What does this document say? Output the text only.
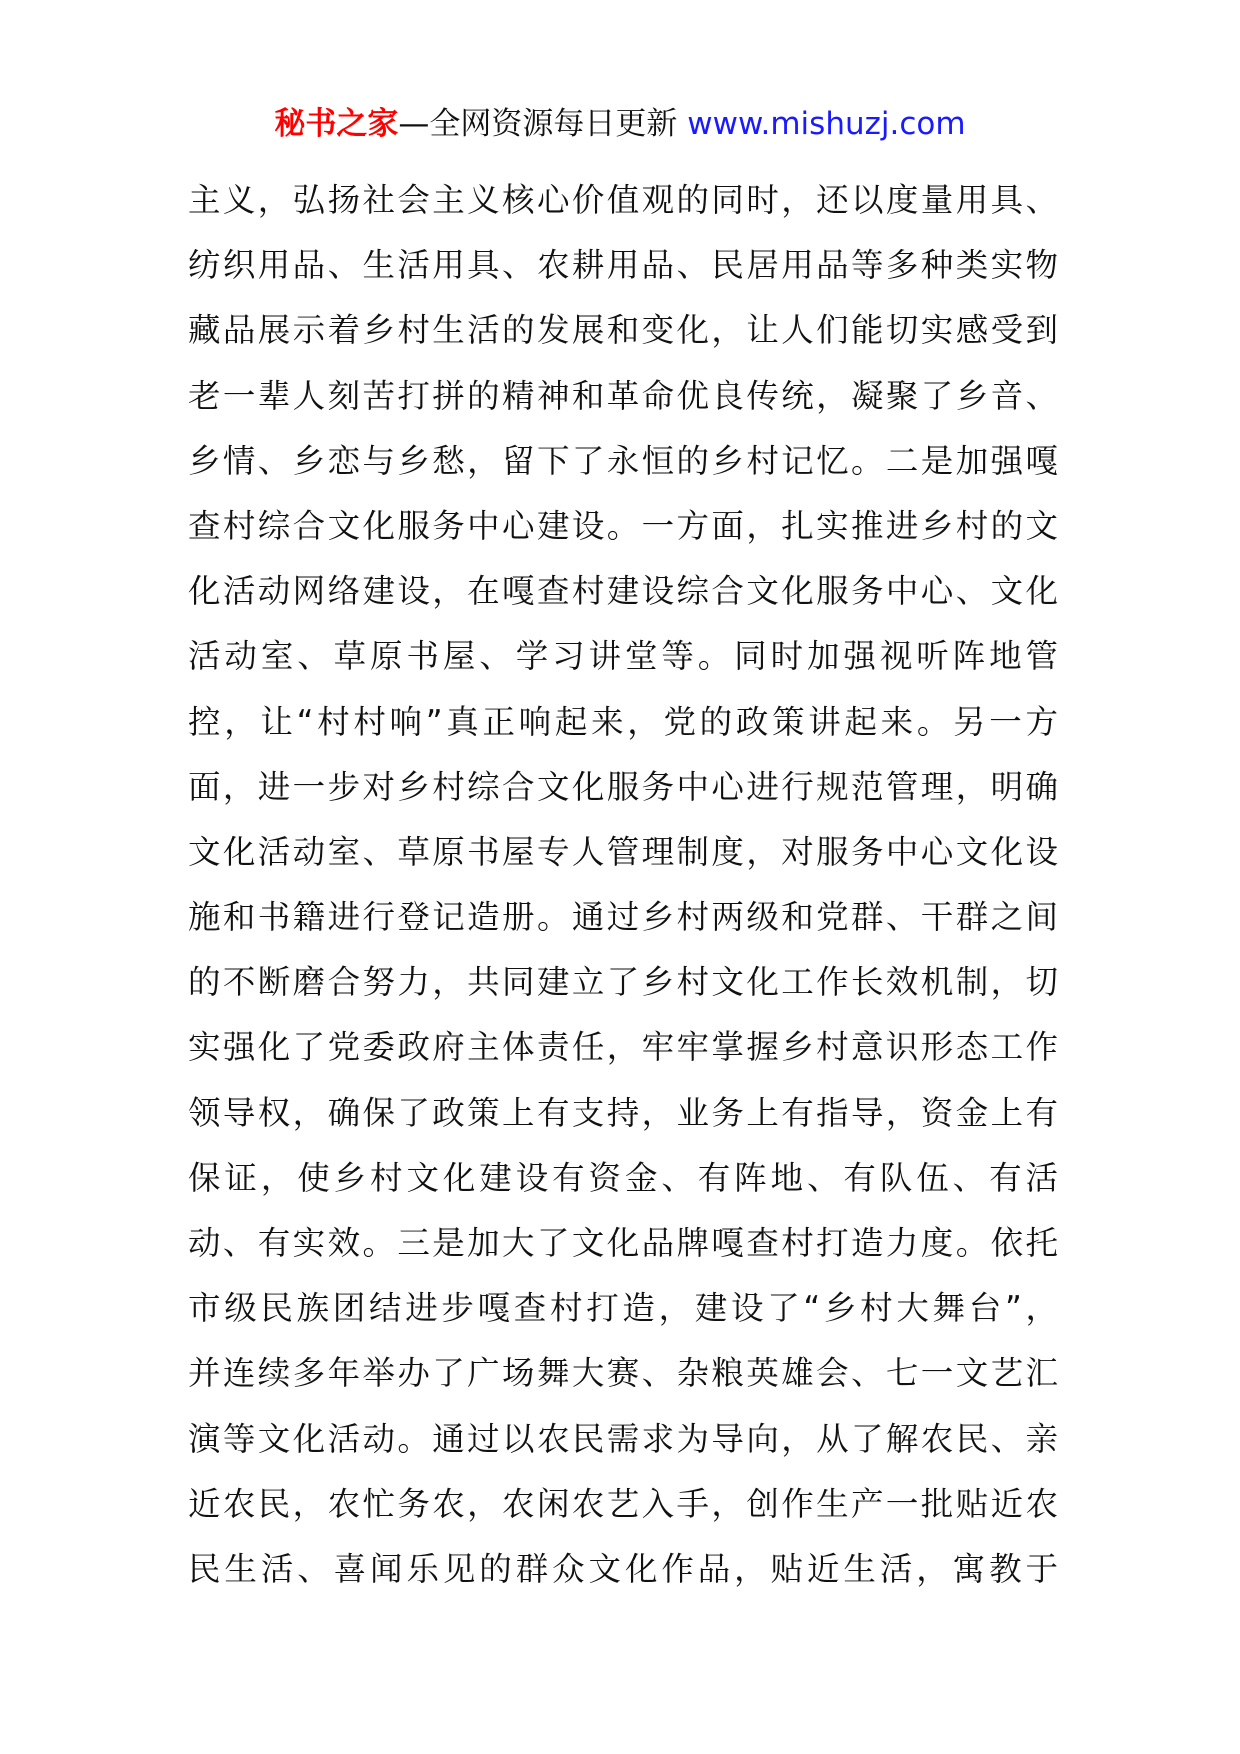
秘书之家—全网资源每日更新 www.mishuzj.com
主义，弘扬社会主义核心价值观的同时，还以度量用具、
纺织用品、生活用具、农耕用品、民居用品等多种类实物
藏品展示着乡村生活的发展和变化，让人们能切实感受到
老一辈人刻苦打拼的精神和革命优良传统，凝聚了乡音、
乡情、乡恋与乡愁，留下了永恒的乡村记忆。二是加强嘎
查村综合文化服务中心建设。一方面，扎实推进乡村的文
化活动网络建设，在嘎查村建设综合文化服务中心、文化
活动室、草原书屋、学习讲堂等。同时加强视听阵地管
控，让“村村响”真正响起来，党的政策讲起来。另一方
面，进一步对乡村综合文化服务中心进行规范管理，明确
文化活动室、草原书屋专人管理制度，对服务中心文化设
施和书籍进行登记造册。通过乡村两级和党群、干群之间
的不断磨合努力，共同建立了乡村文化工作长效机制，切
实强化了党委政府主体责任，牢牢掌握乡村意识形态工作
领导权，确保了政策上有支持，业务上有指导，资金上有
保证，使乡村文化建设有资金、有阵地、有队伍、有活
动、有实效。三是加大了文化品牌嘎查村打造力度。依托
市级民族团结进步嘎查村打造，建设了“乡村大舞台”，
并连续多年举办了广场舞大赛、杂粮英雄会、七一文艺汇
演等文化活动。通过以农民需求为导向，从了解农民、亲
近农民，农忙务农，农闲农艺入手，创作生产一批贴近农
民生活、喜闻乐见的群众文化作品，贴近生活，寓教于
